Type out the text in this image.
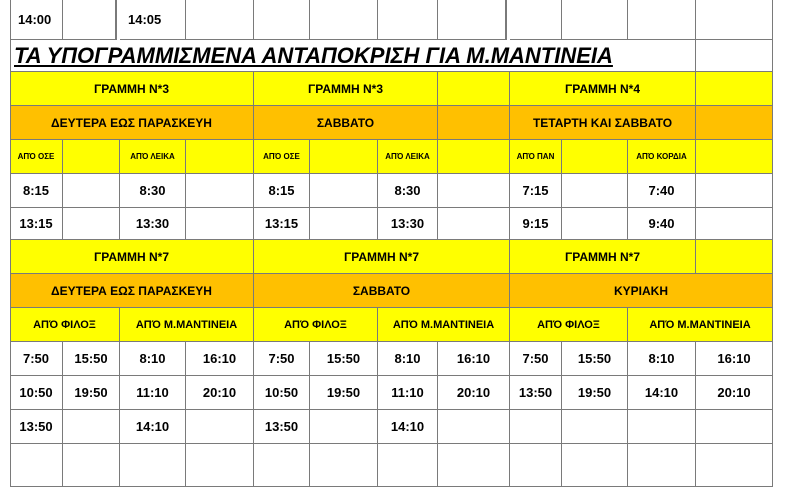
14:00	14:05
ΤΑ ΥΠΟΓΡΑΜΜΙΣΜΕΝΑ ΑΝΤΑΠΟΚΡΙΣΗ ΓΙΑ Μ.ΜΑΝΤΙΝΕΙΑ
ΓΡΑΜΜΗ Ν*3	ΓΡΑΜΜΗ Ν*3	ΓΡΑΜΜΗ Ν*4
ΔΕΥΤΕΡΑ ΕΩΣ ΠΑΡΑΣΚΕΥΗ	ΣΑΒΒΑΤΟ	ΤΕΤΑΡΤΗ ΚΑΙ ΣΑΒΒΑΤΟ
ΑΠΌ ΟΣΕ	ΑΠΌ ΛΕΙΚΑ	ΑΠΌ ΟΣΕ	ΑΠΌ ΛΕΙΚΑ	ΑΠΌ ΠΑΝ	ΑΠΌ ΚΟΡΔΙΑ
8:15	8:30	8:15	8:30	7:15	7:40
13:15	13:30	13:15	13:30	9:15	9:40
ΓΡΑΜΜΗ Ν*7	ΓΡΑΜΜΗ Ν*7	ΓΡΑΜΜΗ Ν*7
ΔΕΥΤΕΡΑ ΕΩΣ ΠΑΡΑΣΚΕΥΗ	ΣΑΒΒΑΤΟ	ΚΥΡΙΑΚΗ
ΑΠΌ ΦΙΛΟΞ	ΑΠΌ Μ.ΜΑΝΤΙΝΕΙΑ	ΑΠΌ ΦΙΛΟΞ	ΑΠΌ Μ.ΜΑΝΤΙΝΕΙΑ	ΑΠΌ ΦΙΛΟΞ	ΑΠΌ Μ.ΜΑΝΤΙΝΕΙΑ
7:50	15:50	8:10	16:10	7:50	15:50	8:10	16:10	7:50	15:50	8:10	16:10
10:50	19:50	11:10	20:10	10:50	19:50	11:10	20:10	13:50	19:50	14:10	20:10
13:50	14:10	13:50	14:10
